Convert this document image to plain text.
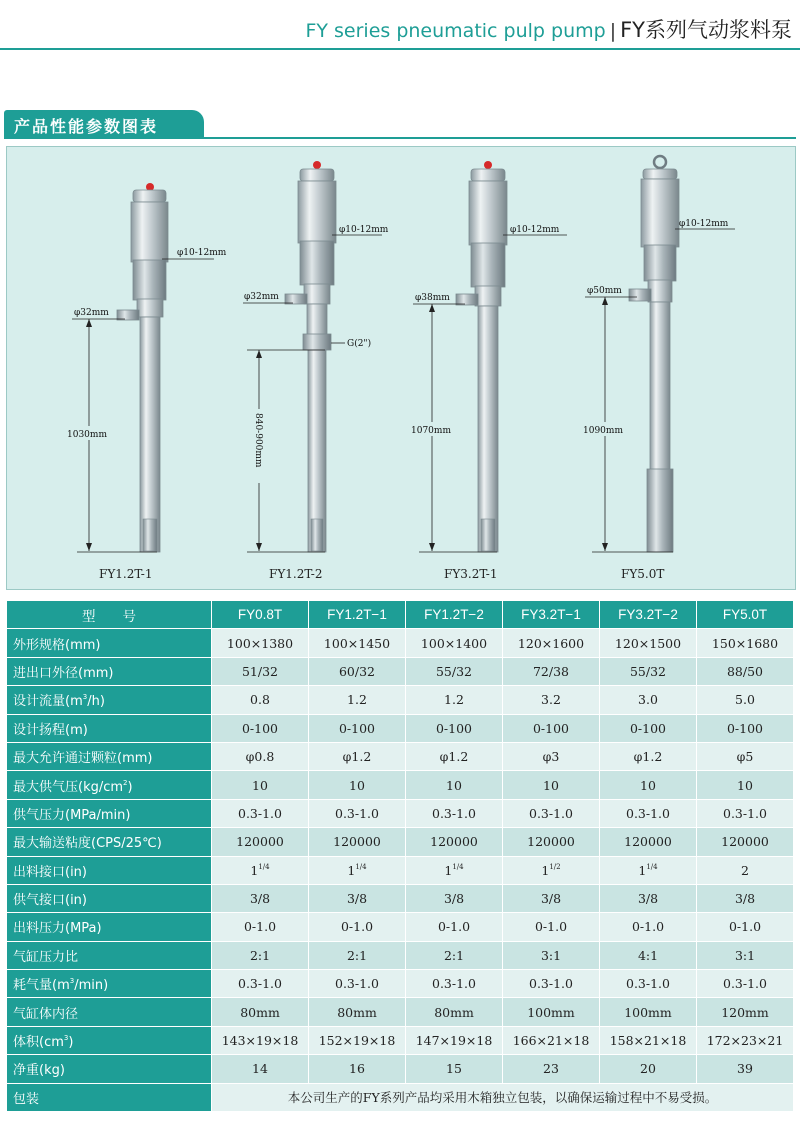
FY series pneumatic pulp pump | FY系列气动浆料泵
产品性能参数图表
φ10-12mm
φ32mm
1030mm
FY1.2T-1
φ10-12mm
φ32mm
G(2")
840-900mm
FY1.2T-2
φ10-12mm
φ38mm
1070mm
FY3.2T-1
φ10-12mm
φ50mm
1090mm
FY5.0T
型　　号	FY0.8T	FY1.2T−1	FY1.2T−2	FY3.2T−1	FY3.2T−2	FY5.0T
外形规格(mm)	100×1380	100×1450	100×1400	120×1600	120×1500	150×1680
进出口外径(mm)	51/32	60/32	55/32	72/38	55/32	88/50
设计流量$(m^3/h)$	0.8	1.2	1.2	3.2	3.0	5.0
设计扬程(m)	0-100	0-100	0-100	0-100	0-100	0-100
最大允许通过颗粒(mm)	φ0.8	φ1.2	φ1.2	φ3	φ1.2	φ5
最大供气压$(kg/cm^2)$	10	10	10	10	10	10
供气压力(MPa/min)	0.3-1.0	0.3-1.0	0.3-1.0	0.3-1.0	0.3-1.0	0.3-1.0
最大输送粘度(CPS/25℃)	120000	120000	120000	120000	120000	120000
出料接口(in)	$1^{1/4}$	$1^{1/4}$	$1^{1/4}$	$1^{1/2}$	$1^{1/4}$	2
供气接口(in)	3/8	3/8	3/8	3/8	3/8	3/8
出料压力(MPa)	0-1.0	0-1.0	0-1.0	0-1.0	0-1.0	0-1.0
气缸压力比	2:1	2:1	2:1	3:1	4:1	3:1
耗气量$(m^3/\min)$	0.3-1.0	0.3-1.0	0.3-1.0	0.3-1.0	0.3-1.0	0.3-1.0
气缸体内径	80mm	80mm	80mm	100mm	100mm	120mm
体积$(cm^3)$	143×19×18	152×19×18	147×19×18	166×21×18	158×21×18	172×23×21
净重(kg)	14	16	15	23	20	39
包装	本公司生产的FY系列产品均采用木箱独立包装，以确保运输过程中不易受损。					
